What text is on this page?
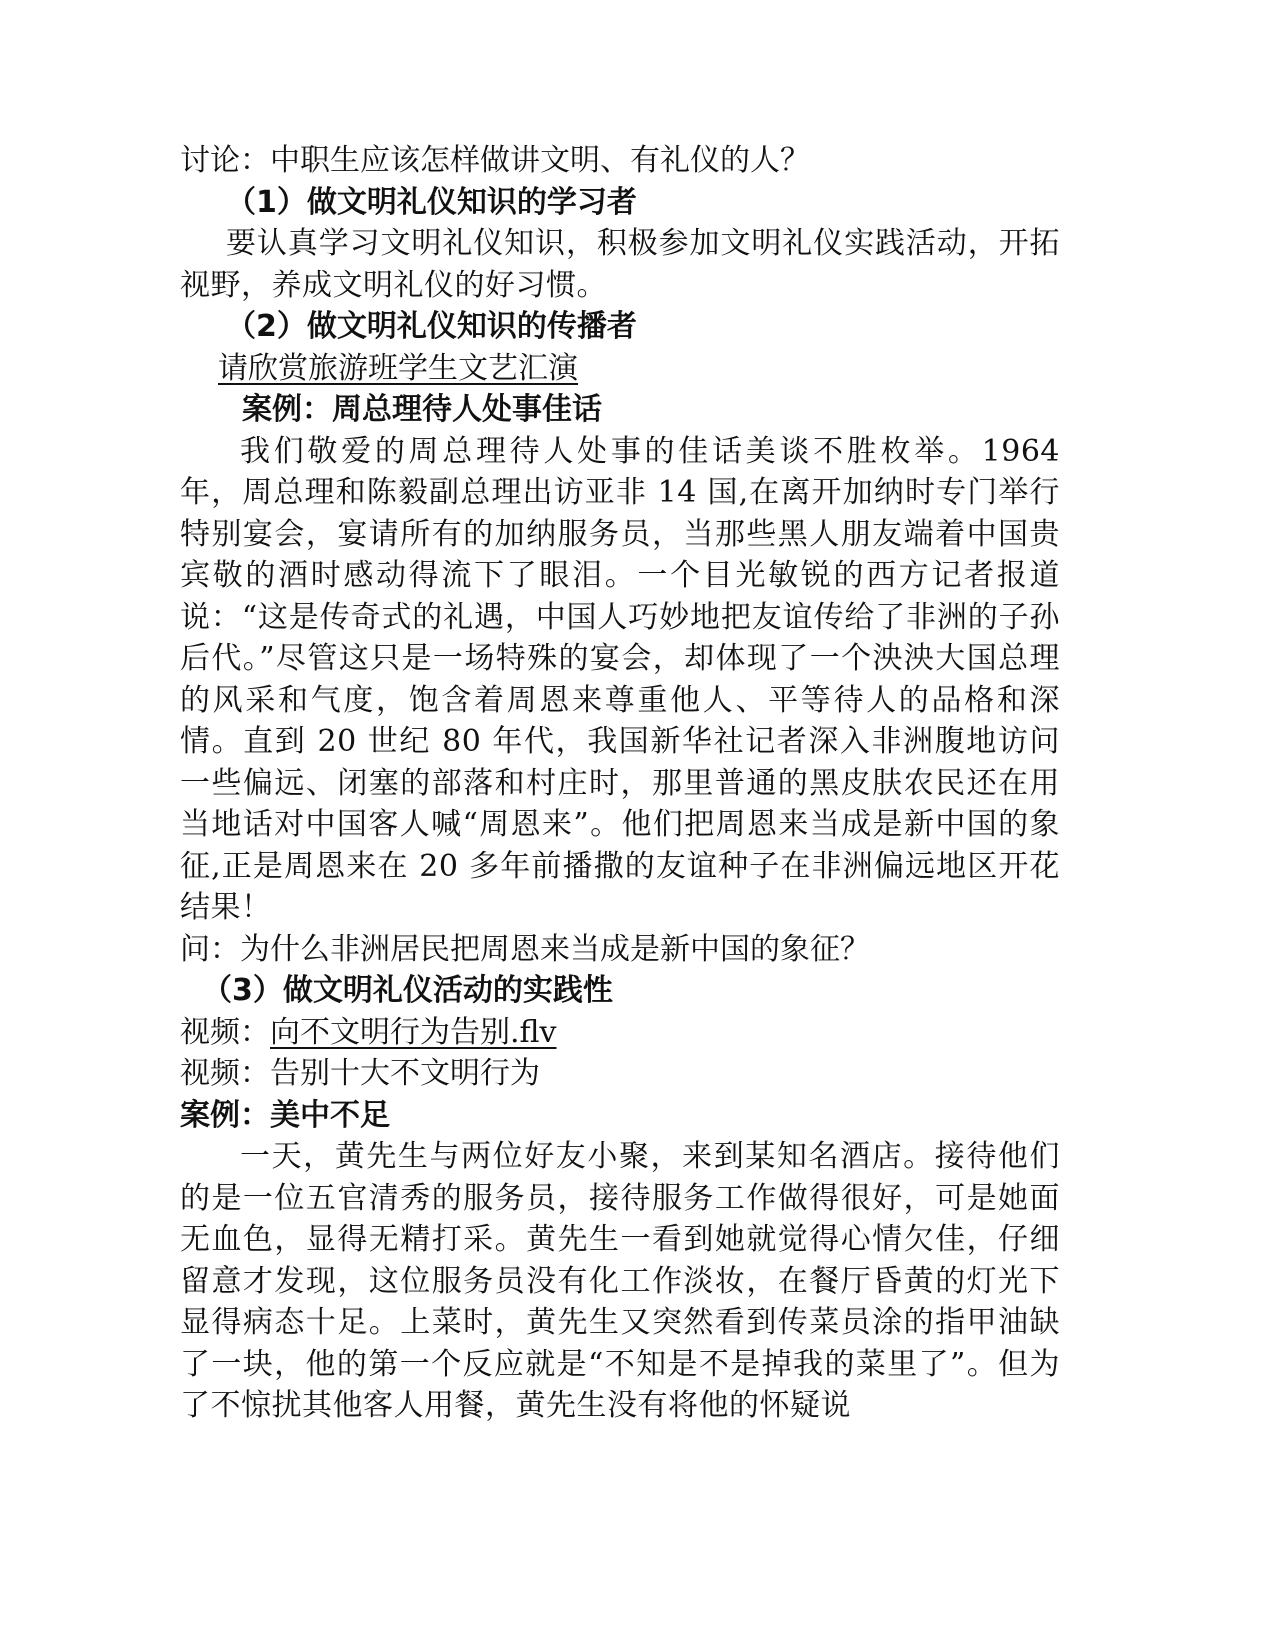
讨论：中职生应该怎样做讲文明、有礼仪的人？
（1）做文明礼仪知识的学习者
要认真学习文明礼仪知识，积极参加文明礼仪实践活动，开拓视野，养成文明礼仪的好习惯。
（2）做文明礼仪知识的传播者
请欣赏旅游班学生文艺汇演
案例：周总理待人处事佳话
我们敬爱的周总理待人处事的佳话美谈不胜枚举。1964 年，周总理和陈毅副总理出访亚非 14 国,在离开加纳时专门举行特别宴会，宴请所有的加纳服务员，当那些黑人朋友端着中国贵宾敬的酒时感动得流下了眼泪。一个目光敏锐的西方记者报道说：“这是传奇式的礼遇，中国人巧妙地把友谊传给了非洲的子孙后代。”尽管这只是一场特殊的宴会，却体现了一个泱泱大国总理的风采和气度，饱含着周恩来尊重他人、平等待人的品格和深情。直到 20 世纪 80 年代，我国新华社记者深入非洲腹地访问一些偏远、闭塞的部落和村庄时，那里普通的黑皮肤农民还在用当地话对中国客人喊“周恩来”。他们把周恩来当成是新中国的象征,正是周恩来在 20 多年前播撒的友谊种子在非洲偏远地区开花结果！
问：为什么非洲居民把周恩来当成是新中国的象征？
（3）做文明礼仪活动的实践性
视频：向不文明行为告别.flv
视频：告别十大不文明行为
案例：美中不足
一天，黄先生与两位好友小聚，来到某知名酒店。接待他们的是一位五官清秀的服务员，接待服务工作做得很好，可是她面无血色，显得无精打采。黄先生一看到她就觉得心情欠佳，仔细留意才发现，这位服务员没有化工作淡妆，在餐厅昏黄的灯光下显得病态十足。上菜时，黄先生又突然看到传菜员涂的指甲油缺了一块，他的第一个反应就是“不知是不是掉我的菜里了”。但为了不惊扰其他客人用餐，黄先生没有将他的怀疑说
